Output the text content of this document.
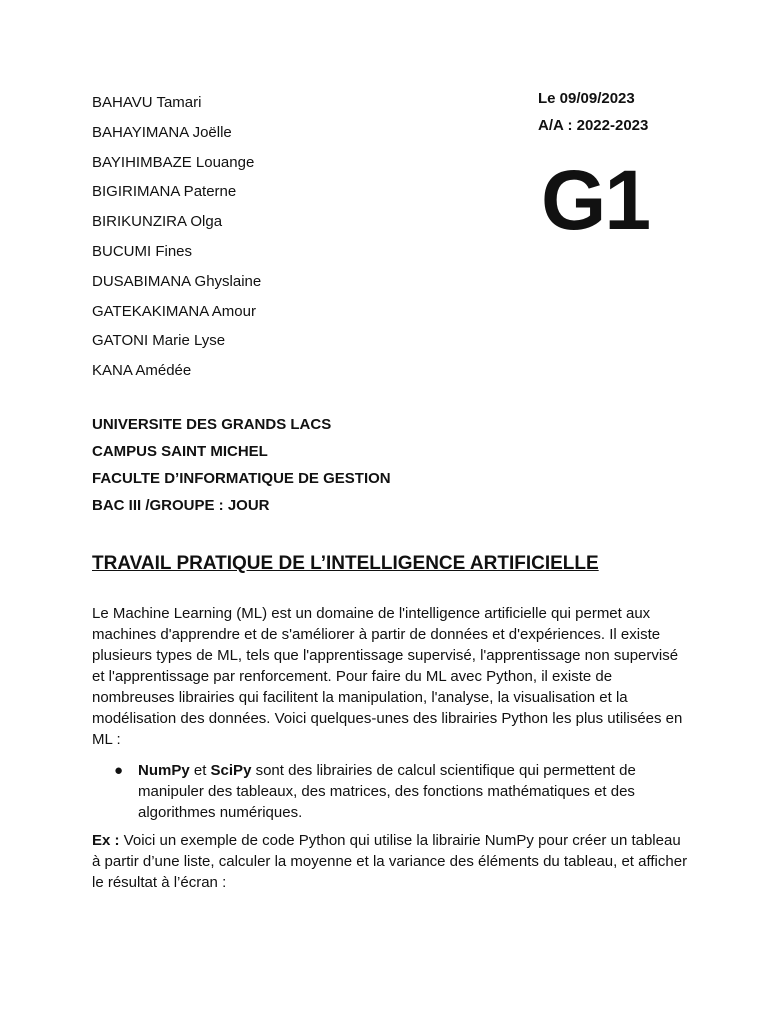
BAHAVU Tamari
BAHAYIMANA Joëlle
BAYIHIMBAZE Louange
BIGIRIMANA Paterne
BIRIKUNZIRA Olga
BUCUMI Fines
DUSABIMANA Ghyslaine
GATEKAKIMANA Amour
GATONI Marie Lyse
KANA Amédée
Le 09/09/2023
A/A : 2022-2023
G1
UNIVERSITE DES GRANDS LACS
CAMPUS SAINT MICHEL
FACULTE D’INFORMATIQUE DE GESTION
BAC III /GROUPE : JOUR
TRAVAIL PRATIQUE DE L’INTELLIGENCE ARTIFICIELLE

Le Machine Learning (ML) est un domaine de l'intelligence artificielle qui permet aux machines d'apprendre et de s'améliorer à partir de données et d'expériences. Il existe plusieurs types de ML, tels que l'apprentissage supervisé, l'apprentissage non supervisé et l'apprentissage par renforcement. Pour faire du ML avec Python, il existe de nombreuses librairies qui facilitent la manipulation, l'analyse, la visualisation et la modélisation des données. Voici quelques-unes des librairies Python les plus utilisées en ML :

● NumPy et SciPy sont des librairies de calcul scientifique qui permettent de manipuler des tableaux, des matrices, des fonctions mathématiques et des algorithmes numériques.

Ex : Voici un exemple de code Python qui utilise la librairie NumPy pour créer un tableau à partir d’une liste, calculer la moyenne et la variance des éléments du tableau, et afficher le résultat à l’écran :
